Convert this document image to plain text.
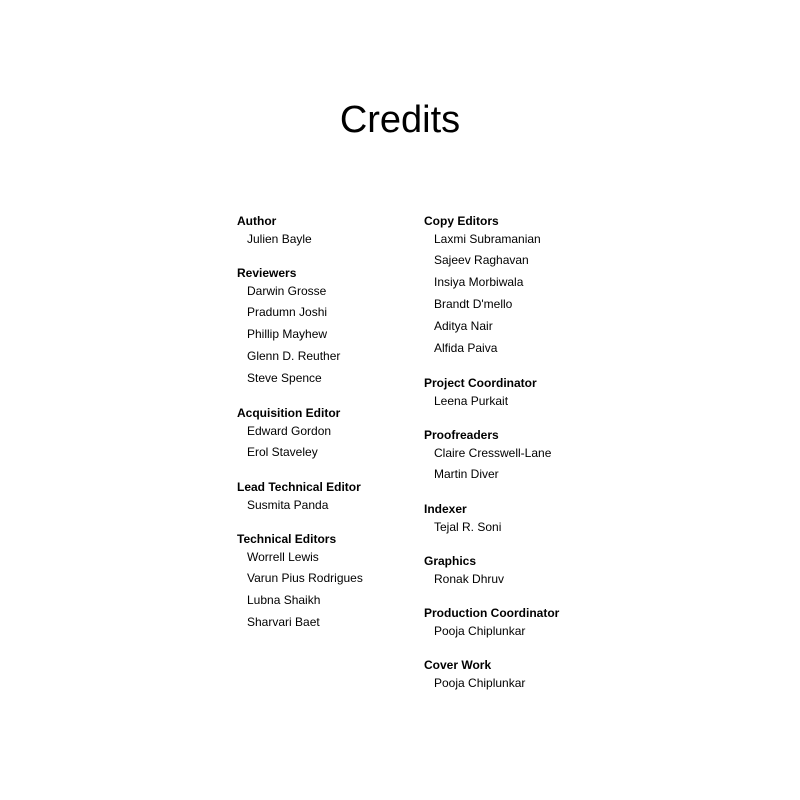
Credits
Author
Julien Bayle
Reviewers
Darwin Grosse
Pradumn Joshi
Phillip Mayhew
Glenn D. Reuther
Steve Spence
Acquisition Editor
Edward Gordon
Erol Staveley
Lead Technical Editor
Susmita Panda
Technical Editors
Worrell Lewis
Varun Pius Rodrigues
Lubna Shaikh
Sharvari Baet
Copy Editors
Laxmi Subramanian
Sajeev Raghavan
Insiya Morbiwala
Brandt D'mello
Aditya Nair
Alfida Paiva
Project Coordinator
Leena Purkait
Proofreaders
Claire Cresswell-Lane
Martin Diver
Indexer
Tejal R. Soni
Graphics
Ronak Dhruv
Production Coordinator
Pooja Chiplunkar
Cover Work
Pooja Chiplunkar
